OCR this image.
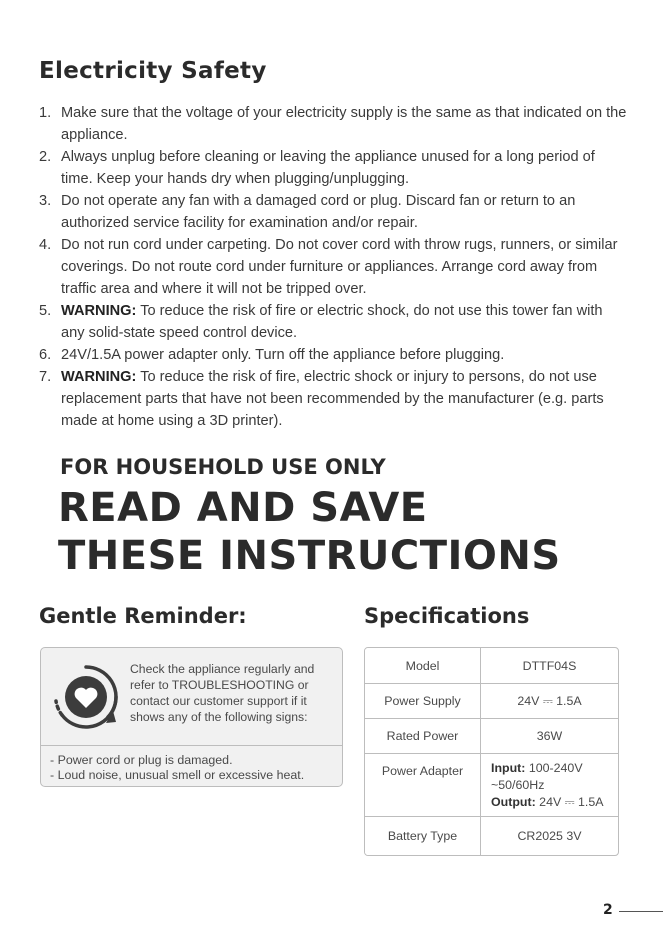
Electricity Safety
1. Make sure that the voltage of your electricity supply is the same as that indicated on the appliance.
2. Always unplug before cleaning or leaving the appliance unused for a long period of time. Keep your hands dry when plugging/unplugging.
3. Do not operate any fan with a damaged cord or plug. Discard fan or return to an authorized service facility for examination and/or repair.
4. Do not run cord under carpeting. Do not cover cord with throw rugs, runners, or similar coverings. Do not route cord under furniture or appliances. Arrange cord away from traffic area and where it will not be tripped over.
5. WARNING: To reduce the risk of fire or electric shock, do not use this tower fan with any solid-state speed control device.
6. 24V/1.5A power adapter only. Turn off the appliance before plugging.
7. WARNING: To reduce the risk of fire, electric shock or injury to persons, do not use replacement parts that have not been recommended by the manufacturer (e.g. parts made at home using a 3D printer).
FOR HOUSEHOLD USE ONLY
READ AND SAVE
THESE INSTRUCTIONS
Gentle Reminder:	Specifications
Check the appliance regularly and refer to TROUBLESHOOTING or contact our customer support if it shows any of the following signs:
- Power cord or plug is damaged.
- Loud noise, unusual smell or excessive heat.
Model	DTTF04S
Power Supply	24V ⎓ 1.5A
Rated Power	36W
Power Adapter	Input: 100-240V
~50/60Hz
Output: 24V ⎓ 1.5A

Battery Type	CR2025 3V
2
